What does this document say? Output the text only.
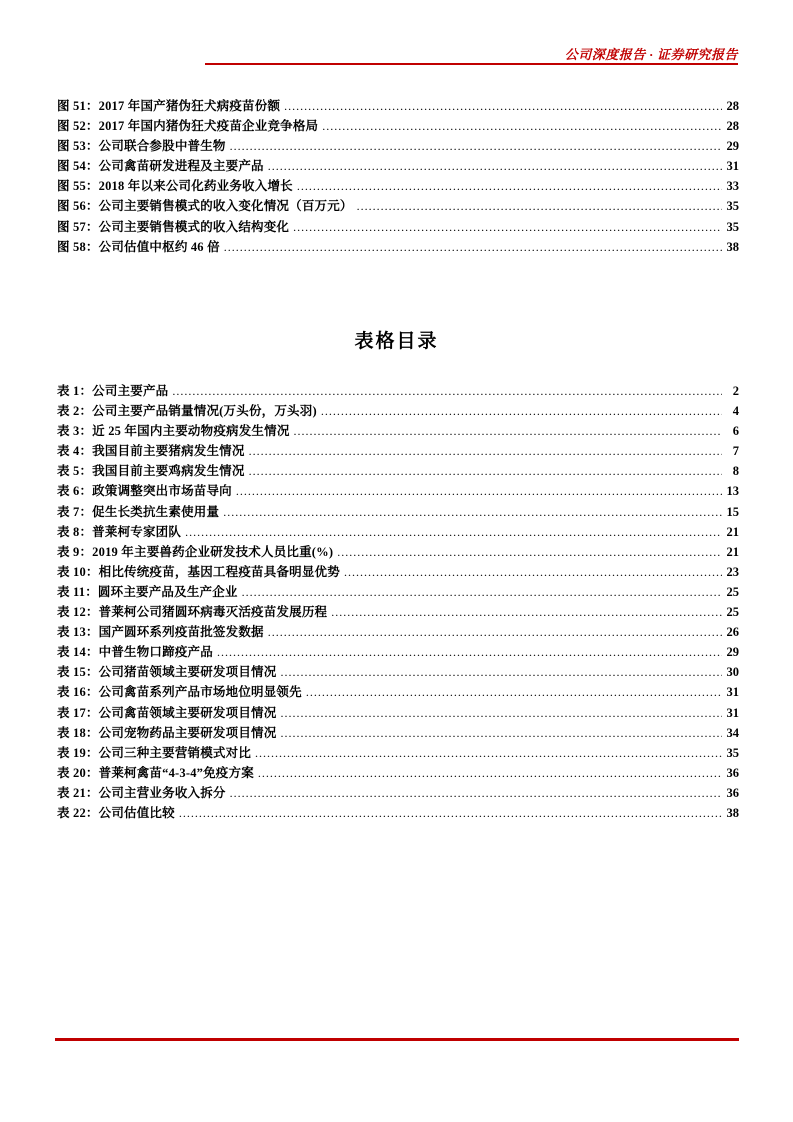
公司深度报告 · 证券研究报告
图 51：2017 年国产猪伪狂犬病疫苗份额 .....	28
图 52：2017 年国内猪伪狂犬疫苗企业竞争格局 .....	28
图 53：公司联合参股中普生物 .....	29
图 54：公司禽苗研发进程及主要产品 .....	31
图 55：2018 年以来公司化药业务收入增长 .....	33
图 56：公司主要销售模式的收入变化情况（百万元） .....	35
图 57：公司主要销售模式的收入结构变化 .....	35
图 58：公司估值中枢约 46 倍 .....	38
表格目录
表 1：公司主要产品 .....	2
表 2：公司主要产品销量情况(万头份，万头羽) .....	4
表 3：近 25 年国内主要动物疫病发生情况 .....	6
表 4：我国目前主要猪病发生情况 .....	7
表 5：我国目前主要鸡病发生情况 .....	8
表 6：政策调整突出市场苗导向 .....	13
表 7：促生长类抗生素使用量 .....	15
表 8：普莱柯专家团队 .....	21
表 9：2019 年主要兽药企业研发技术人员比重(%) .....	21
表 10：相比传统疫苗，基因工程疫苗具备明显优势 .....	23
表 11：圆环主要产品及生产企业 .....	25
表 12：普莱柯公司猪圆环病毒灭活疫苗发展历程 .....	25
表 13：国产圆环系列疫苗批签发数据 .....	26
表 14：中普生物口蹄疫产品 .....	29
表 15：公司猪苗领域主要研发项目情况 .....	30
表 16：公司禽苗系列产品市场地位明显领先 .....	31
表 17：公司禽苗领域主要研发项目情况 .....	31
表 18：公司宠物药品主要研发项目情况 .....	34
表 19：公司三种主要营销模式对比 .....	35
表 20：普莱柯禽苗“4-3-4”免疫方案 .....	36
表 21：公司主营业务收入拆分 .....	36
表 22：公司估值比较 .....	38
